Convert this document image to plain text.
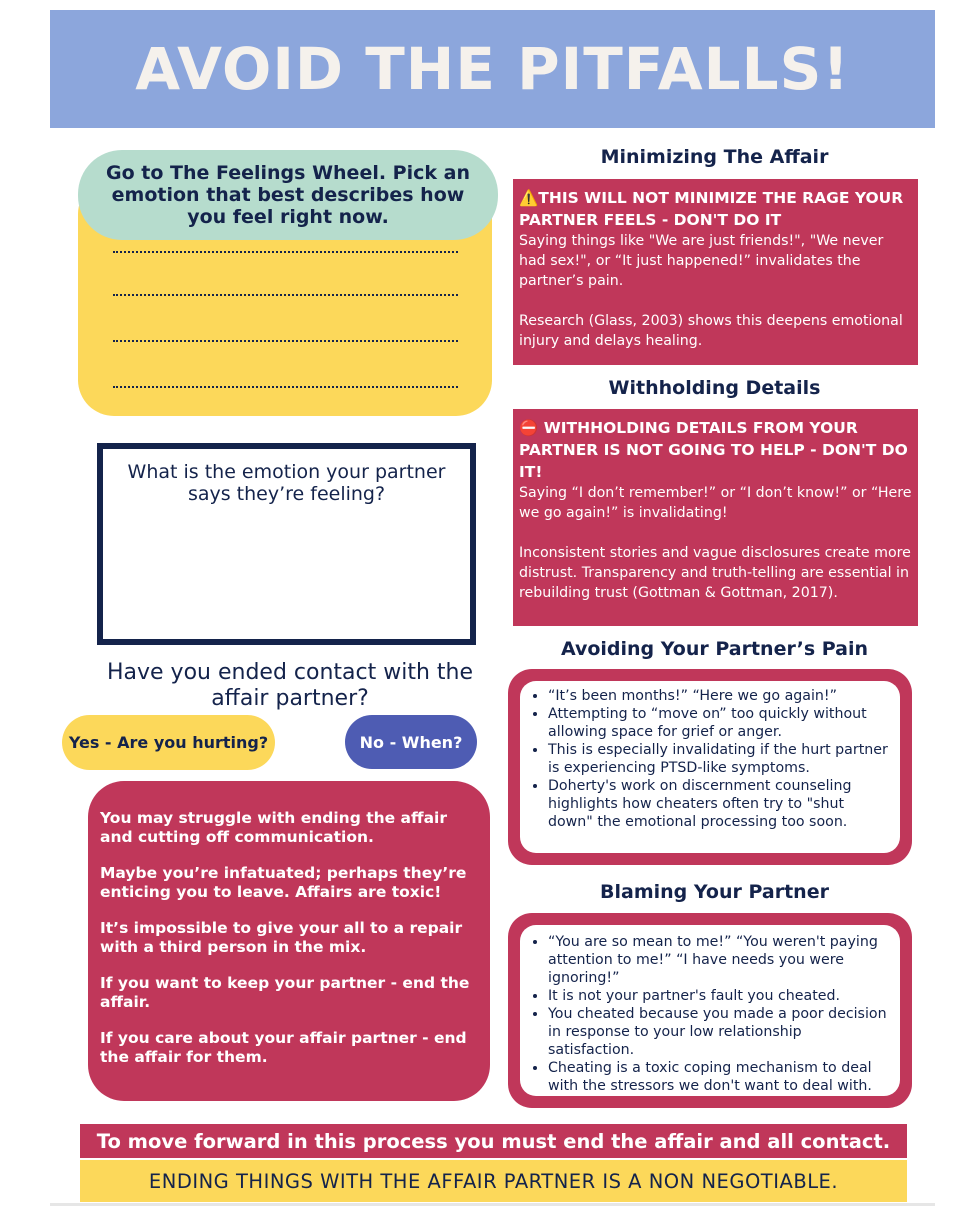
AVOID THE PITFALLS!
Go to The Feelings Wheel. Pick an emotion that best describes how you feel right now.
What is the emotion your partner says they’re feeling?
Have you ended contact with the affair partner?
Yes - Are you hurting?	No - When?

You may struggle with ending the affair and cutting off communication.

Maybe you’re infatuated; perhaps they’re enticing you to leave. Affairs are toxic!

It’s impossible to give your all to a repair with a third person in the mix.

If you want to keep your partner - end the affair.

If you care about your affair partner - end the affair for them.

Minimizing The Affair

⚠️THIS WILL NOT MINIMIZE THE RAGE YOUR PARTNER FEELS - DON'T DO IT

Saying things like "We are just friends!", "We never had sex!", or “It just happened!” invalidates the partner’s pain.

Research (Glass, 2003) shows this deepens emotional injury and delays healing.

Withholding Details

⛔ WITHHOLDING DETAILS FROM YOUR PARTNER IS NOT GOING TO HELP - DON'T DO IT!

Saying “I don’t remember!” or “I don’t know!” or “Here we go again!” is invalidating!

Inconsistent stories and vague disclosures create more distrust. Transparency and truth-telling are essential in rebuilding trust (Gottman & Gottman, 2017).

Avoiding Your Partner’s Pain
• “It’s been months!” “Here we go again!”
• Attempting to “move on” too quickly without allowing space for grief or anger.
• This is especially invalidating if the hurt partner is experiencing PTSD-like symptoms.
• Doherty's work on discernment counseling highlights how cheaters often try to "shut down" the emotional processing too soon.
Blaming Your Partner
• “You are so mean to me!” “You weren't paying attention to me!” “I have needs you were ignoring!”
• It is not your partner's fault you cheated.
• You cheated because you made a poor decision in response to your low relationship satisfaction.
• Cheating is a toxic coping mechanism to deal with the stressors we don't want to deal with.
To move forward in this process you must end the affair and all contact.
ENDING THINGS WITH THE AFFAIR PARTNER IS A NON NEGOTIABLE.
